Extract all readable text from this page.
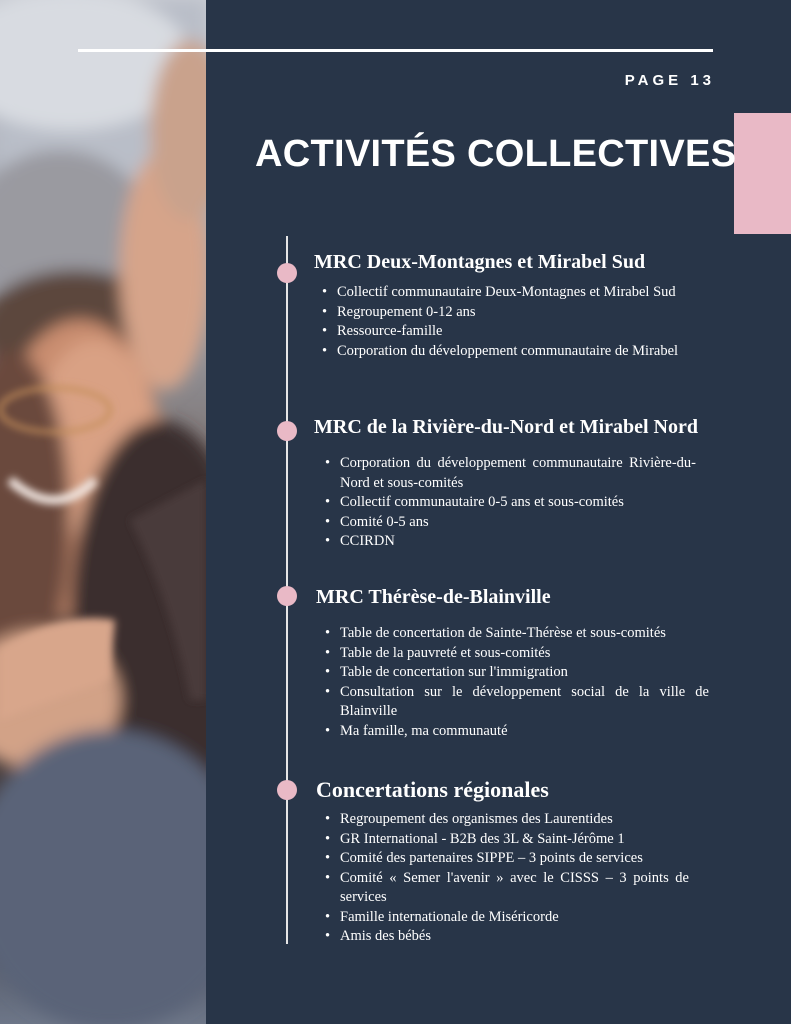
PAGE 13
ACTIVITÉS COLLECTIVES
MRC Deux-Montagnes et Mirabel Sud
• Collectif communautaire Deux-Montagnes et Mirabel Sud
• Regroupement 0-12 ans
• Ressource-famille
• Corporation du développement communautaire de Mirabel
MRC de la Rivière-du-Nord et Mirabel Nord
• Corporation du développement communautaire Rivière-du-Nord et sous-comités
• Collectif communautaire 0-5 ans et sous-comités
• Comité 0-5 ans
• CCIRDN
MRC Thérèse-de-Blainville
• Table de concertation de Sainte-Thérèse et sous-comités
• Table de la pauvreté et sous-comités
• Table de concertation sur l'immigration
• Consultation sur le développement social de la ville de Blainville
• Ma famille, ma communauté
Concertations régionales
• Regroupement des organismes des Laurentides
• GR International - B2B des 3L & Saint-Jérôme 1
• Comité des partenaires SIPPE – 3 points de services
• Comité « Semer l'avenir » avec le CISSS – 3 points de services
• Famille internationale de Miséricorde
• Amis des bébés
